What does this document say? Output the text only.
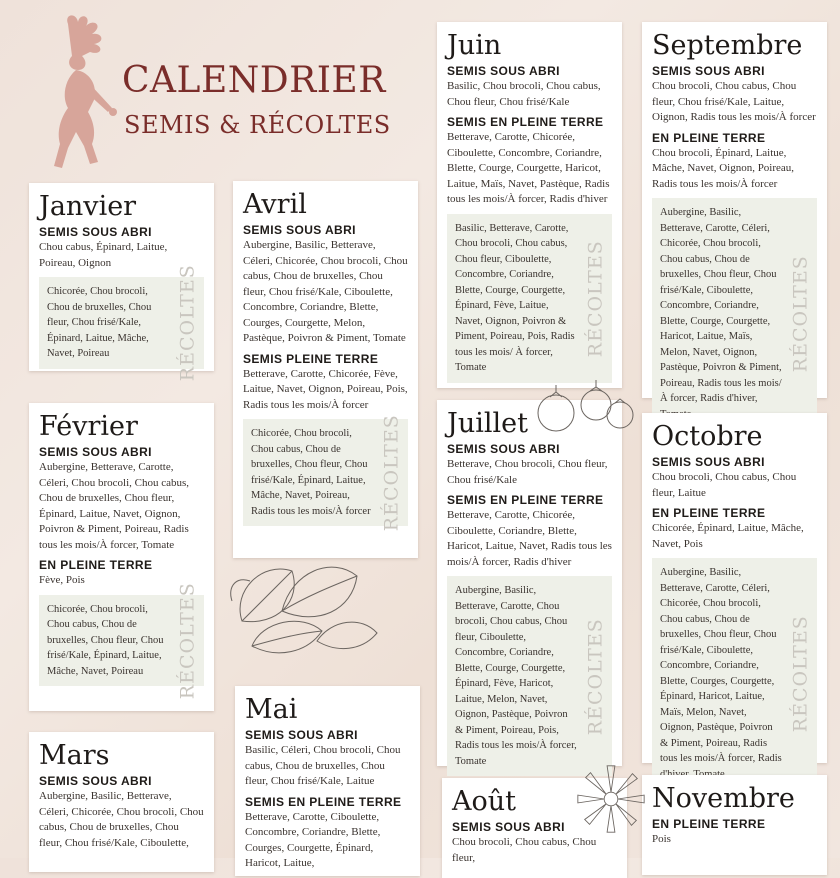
CALENDRIER
SEMIS & RÉCOLTES
Janvier
SEMIS SOUS ABRI
Chou cabus, Épinard, Laitue, Poireau, Oignon
Chicorée, Chou brocoli, Chou de bruxelles, Chou fleur, Chou frisé/Kale, Épinard, Laitue, Mâche, Navet, Poireau	RÉCOLTES
Février
SEMIS SOUS ABRI
Aubergine, Betterave, Carotte, Céleri, Chou brocoli, Chou cabus, Chou de bruxelles, Chou fleur, Épinard, Laitue, Navet, Oignon, Poivron & Piment, Poireau, Radis tous les mois/À forcer, Tomate
EN PLEINE TERRE
Fève, Pois
Chicorée, Chou brocoli, Chou cabus, Chou de bruxelles, Chou fleur, Chou frisé/Kale, Épinard, Laitue, Mâche, Navet, Poireau	RÉCOLTES
Mars
SEMIS SOUS ABRI
Aubergine, Basilic, Betterave, Céleri, Chicorée, Chou brocoli, Chou cabus, Chou de bruxelles, Chou fleur, Chou frisé/Kale, Ciboulette,
Avril
SEMIS SOUS ABRI
Aubergine, Basilic, Betterave, Céleri, Chicorée, Chou brocoli, Chou cabus, Chou de bruxelles, Chou fleur, Chou frisé/Kale, Ciboulette, Concombre, Coriandre, Blette, Courges, Courgette, Melon, Pastèque, Poivron & Piment, Tomate
SEMIS PLEINE TERRE
Betterave, Carotte, Chicorée, Fève, Laitue, Navet, Oignon, Poireau, Pois, Radis tous les mois/À forcer
Chicorée, Chou brocoli, Chou cabus, Chou de bruxelles, Chou fleur, Chou frisé/Kale, Épinard, Laitue, Mâche, Navet, Poireau, Radis tous les mois/À forcer RÉCOLTES
Mai
SEMIS SOUS ABRI
Basilic, Céleri, Chou brocoli, Chou cabus, Chou de bruxelles, Chou fleur, Chou frisé/Kale, Laitue
SEMIS EN PLEINE TERRE
Betterave, Carotte, Ciboulette, Concombre, Coriandre, Blette, Courges, Courgette, Épinard, Haricot, Laitue,
Juin
SEMIS SOUS ABRI
Basilic, Chou brocoli, Chou cabus, Chou fleur, Chou frisé/Kale
SEMIS EN PLEINE TERRE
Betterave, Carotte, Chicorée, Ciboulette, Concombre, Coriandre, Blette, Courge, Courgette, Haricot, Laitue, Maïs, Navet, Pastèque, Radis tous les mois/À forcer, Radis d'hiver
Basilic, Betterave, Carotte, Chou brocoli, Chou cabus, Chou fleur, Ciboulette, Concombre, Coriandre, Blette, Courge, Courgette, Épinard, Fève, Laitue, Navet, Oignon, Poivron & Piment, Poireau, Pois, Radis tous les mois/ À forcer, Tomate
RÉCOLTES
Juillet
SEMIS SOUS ABRI
Betterave, Chou brocoli, Chou fleur, Chou frisé/Kale
SEMIS EN PLEINE TERRE
Betterave, Carotte, Chicorée, Ciboulette, Coriandre, Blette, Haricot, Laitue, Navet, Radis tous les mois/À forcer, Radis d'hiver
Aubergine, Basilic, Betterave, Carotte, Chou brocoli, Chou cabus, Chou fleur, Ciboulette, Concombre, Coriandre, Blette, Courge, Courgette, Épinard, Fève, Haricot, Laitue, Melon, Navet, Oignon, Pastèque, Poivron & Piment, Poireau, Pois, Radis tous les mois/À forcer, Tomate
RÉCOLTES
Août
SEMIS SOUS ABRI
Chou brocoli, Chou cabus, Chou fleur,
Septembre
SEMIS SOUS ABRI
Chou brocoli, Chou cabus, Chou fleur, Chou frisé/Kale, Laitue, Oignon, Radis tous les mois/À forcer
EN PLEINE TERRE
Chou brocoli, Épinard, Laitue, Mâche, Navet, Oignon, Poireau, Radis tous les mois/À forcer
Aubergine, Basilic, Betterave, Carotte, Céleri, Chicorée, Chou brocoli, Chou cabus, Chou de bruxelles, Chou fleur, Chou frisé/Kale, Ciboulette, Concombre, Coriandre, Blette, Courge, Courgette, Haricot, Laitue, Maïs, Melon, Navet, Oignon, Pastèque, Poivron & Piment, Poireau, Radis tous les mois/À forcer, Radis d'hiver,
RÉCOLTES
Octobre
SEMIS SOUS ABRI
Chou brocoli, Chou cabus, Chou fleur, Laitue
EN PLEINE TERRE
Chicorée, Épinard, Laitue, Mâche, Navet, Pois
Aubergine, Basilic, Betterave, Carotte, Céleri, Chicorée, Chou brocoli, Chou cabus, Chou de bruxelles, Chou fleur, Chou frisé/Kale, Ciboulette, Concombre, Coriandre, Blette, Courges, Courgette, Épinard, Haricot, Laitue, Maïs, Melon, Navet, Oignon, Pastèque, Poivron & Piment, Poireau, Radis tous les mois/À forcer, Radis
RÉCOLTES
Novembre
EN PLEINE TERRE
Pois
